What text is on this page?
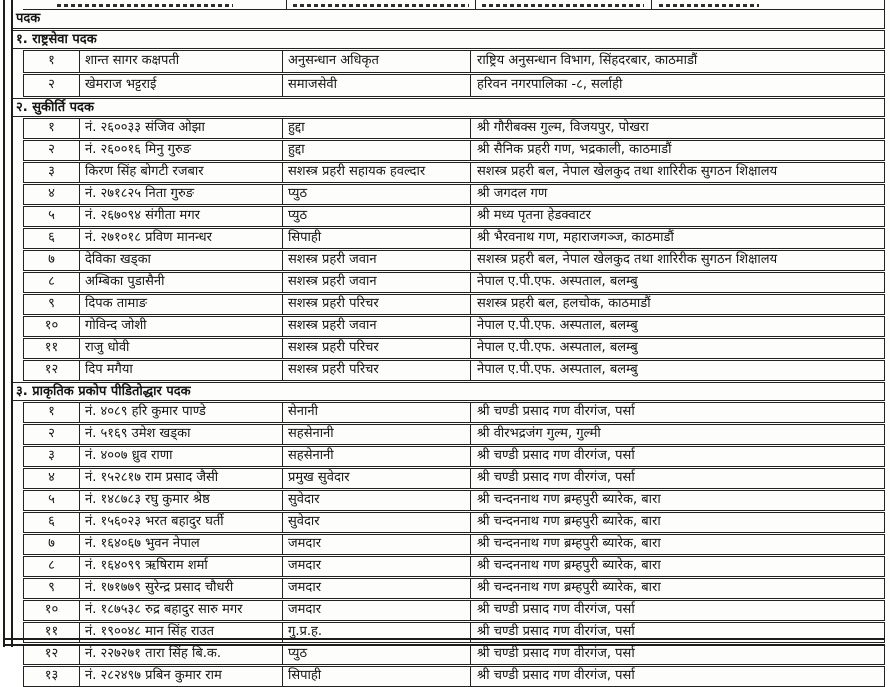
पदक
१. राष्ट्रसेवा पदक
१	शान्त सागर कक्षपती	अनुसन्धान अधिकृत	राष्ट्रिय अनुसन्धान विभाग, सिंहदरबार, काठमाडौं
२	खेमराज भट्टराई	समाजसेवी	हरिवन नगरपालिका -८, सर्लाही
२. सुकीर्ति पदक
१	नं. २६००३३ संजिव ओझा	हुद्दा	श्री गौरीबक्स गुल्म, विजयपुर, पोखरा
२	नं. २६००१६ मिनु गुरुङ	हुद्दा	श्री सैनिक प्रहरी गण, भद्रकाली, काठमाडौं
३	किरण सिंह बोगटी रजबार	सशस्त्र प्रहरी सहायक हवल्दार	सशस्त्र प्रहरी बल, नेपाल खेलकुद तथा शारिरीक सुगठन शिक्षालय
४	नं. २७१८२५ निता गुरुङ	प्युठ	श्री जगदल गण
५	नं. २६७०९४ संगीता मगर	प्युठ	श्री मध्य पृतना हेडक्वाटर
६	नं. २७१०१८ प्रविण मानन्धर	सिपाही	श्री भैरवनाथ गण, महाराजगञ्ज, काठमाडौं
७	देविका खड्का	सशस्त्र प्रहरी जवान	सशस्त्र प्रहरी बल, नेपाल खेलकुद तथा शारिरीक सुगठन शिक्षालय
८	अम्बिका पुडासैनी	सशस्त्र प्रहरी जवान	नेपाल ए.पी.एफ. अस्पताल, बलम्बु
९	दिपक तामाङ	सशस्त्र प्रहरी परिचर	सशस्त्र प्रहरी बल, हलचोक, काठमाडौं
१०	गोविन्द जोशी	सशस्त्र प्रहरी जवान	नेपाल ए.पी.एफ. अस्पताल, बलम्बु
११	राजु धोवी	सशस्त्र प्रहरी परिचर	नेपाल ए.पी.एफ. अस्पताल, बलम्बु
१२	दिप मगैया	सशस्त्र प्रहरी परिचर	नेपाल ए.पी.एफ. अस्पताल, बलम्बु
३. प्राकृतिक प्रकोप पीडितोद्धार पदक
१	नं. ४०८९ हरि कुमार पाण्डे	सेनानी	श्री चण्डी प्रसाद गण वीरगंज, पर्सा
२	नं. ५१६९ उमेश खड्का	सहसेनानी	श्री वीरभद्रजंग गुल्म, गुल्मी
३	नं. ४००७ ध्रुव राणा	सहसेनानी	श्री चण्डी प्रसाद गण वीरगंज, पर्सा
४	नं. १५२८१७ राम प्रसाद जैसी	प्रमुख सुवेदार	श्री चण्डी प्रसाद गण वीरगंज, पर्सा
५	नं. १४८७८३ रघु कुमार श्रेष्ठ	सुवेदार	श्री चन्दननाथ गण ब्रम्हपुरी ब्यारेक, बारा
६	नं. १५६०२३ भरत बहादुर घर्ती	सुवेदार	श्री चन्दननाथ गण ब्रम्हपुरी ब्यारेक, बारा
७	नं. १६४०६७ भुवन नेपाल	जमदार	श्री चन्दननाथ गण ब्रम्हपुरी ब्यारेक, बारा
८	नं. १६४०९९ ऋषिराम शर्मा	जमदार	श्री चन्दननाथ गण ब्रम्हपुरी ब्यारेक, बारा
९	नं. १७१७७९ सुरेन्द्र प्रसाद चौधरी	जमदार	श्री चन्दननाथ गण ब्रम्हपुरी ब्यारेक, बारा
१०	नं. १८७५३८ रुद्र बहादुर सारु मगर	जमदार	श्री चण्डी प्रसाद गण वीरगंज, पर्सा
११	नं. १९००४८ मान सिंह राउत	गु.प्र.ह.	श्री चण्डी प्रसाद गण वीरगंज, पर्सा
१२	नं. २२७२७१ तारा सिंह बि.क.	प्युठ	श्री चण्डी प्रसाद गण वीरगंज, पर्सा
१३	नं. २८२४९७ प्रबिन कुमार राम	सिपाही	श्री चण्डी प्रसाद गण वीरगंज, पर्सा
